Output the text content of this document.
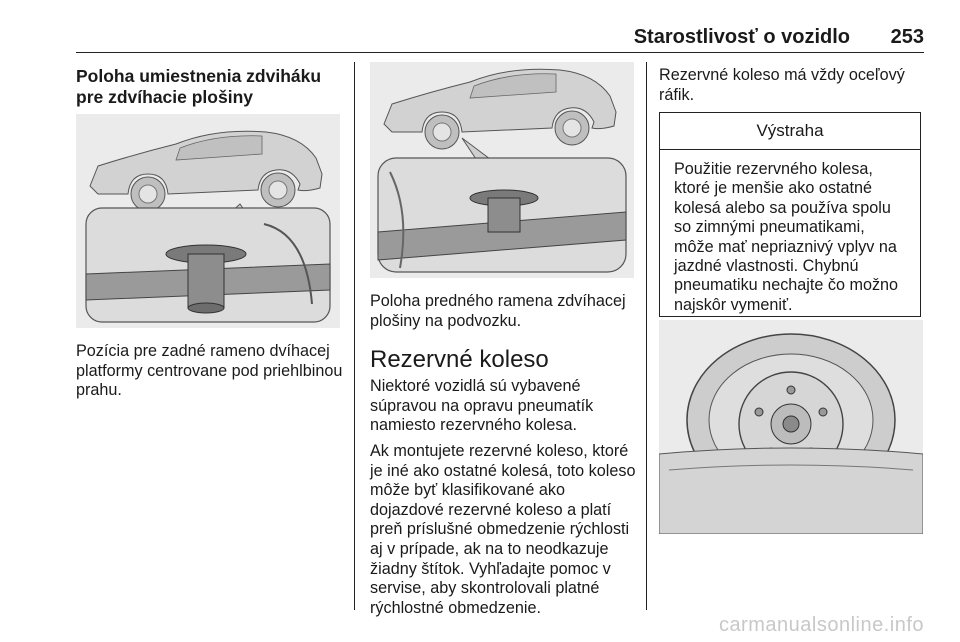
Starostlivosť o vozidlo 253
Poloha umiestnenia zdviháku pre zdvíhacie plošiny

Pozícia pre zadné rameno dvíhacej platformy centrovane pod priehlbinou prahu.

Poloha predného ramena zdvíhacej plošiny na podvozku.

Rezervné koleso

Niektoré vozidlá sú vybavené súpravou na opravu pneumatík namiesto rezervného kolesa.

Ak montujete rezervné koleso, ktoré je iné ako ostatné kolesá, toto koleso môže byť klasifikované ako dojazdové rezervné koleso a platí preň príslušné obmedzenie rýchlosti aj v prípade, ak na to neodkazuje žiadny štítok. Vyhľadajte pomoc v servise, aby skontrolovali platné rýchlostné obmedzenie.

Rezervné koleso má vždy oceľový ráfik.

Výstraha
Použitie rezervného kolesa, ktoré je menšie ako ostatné kolesá alebo sa používa spolu so zimnými pneumatikami, môže mať nepriaznivý vplyv na jazdné vlastnosti. Chybnú pneumatiku nechajte čo možno najskôr vymeniť.
carmanualsonline.info
